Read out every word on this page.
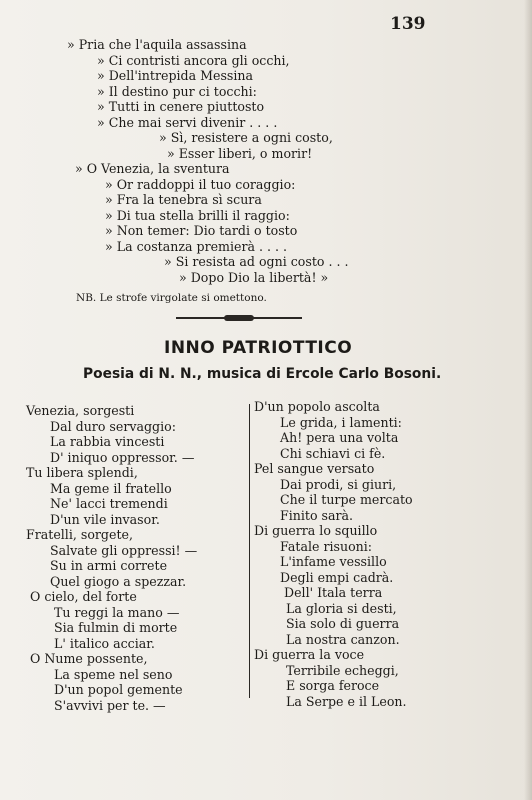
139
» Pria che l'aquila assassina
» Ci contristi ancora gli occhi,
» Dell'intrepida Messina
» Il destino pur ci tocchi:
» Tutti in cenere piuttosto
» Che mai servi divenir . . . .
» Sì, resistere a ogni costo,
» Esser liberi, o morir!
» O Venezia, la sventura
» Or raddoppi il tuo coraggio:
» Fra la tenebra sì scura
» Di tua stella brilli il raggio:
» Non temer: Dio tardi o tosto
» La costanza premierà . . . .
» Si resista ad ogni costo . . .
» Dopo Dio la libertà! »
NB. Le strofe virgolate si omettono.
INNO PATRIOTTICO
Poesia di N. N., musica di Ercole Carlo Bosoni.
Venezia, sorgesti
Dal duro servaggio:
La rabbia vincesti
D' iniquo oppressor. —
Tu libera splendi,
Ma geme il fratello
Ne' lacci tremendi
D'un vile invasor.
Fratelli, sorgete,
Salvate gli oppressi! —
Su in armi correte
Quel giogo a spezzar.
O cielo, del forte
Tu reggi la mano —
Sia fulmin di morte
L' italico acciar.
O Nume possente,
La speme nel seno
D'un popol gemente
S'avvivi per te. —
D'un popolo ascolta
Le grida, i lamenti:
Ah! pera una volta
Chi schiavi ci fè.
Pel sangue versato
Dai prodi, si giuri,
Che il turpe mercato
Finito sarà.
Di guerra lo squillo
Fatale risuoni:
L'infame vessillo
Degli empi cadrà.
Dell' Itala terra
La gloria si desti,
Sia solo di guerra
La nostra canzon.
Di guerra la voce
Terribile echeggi,
E sorga feroce
La Serpe e il Leon.
